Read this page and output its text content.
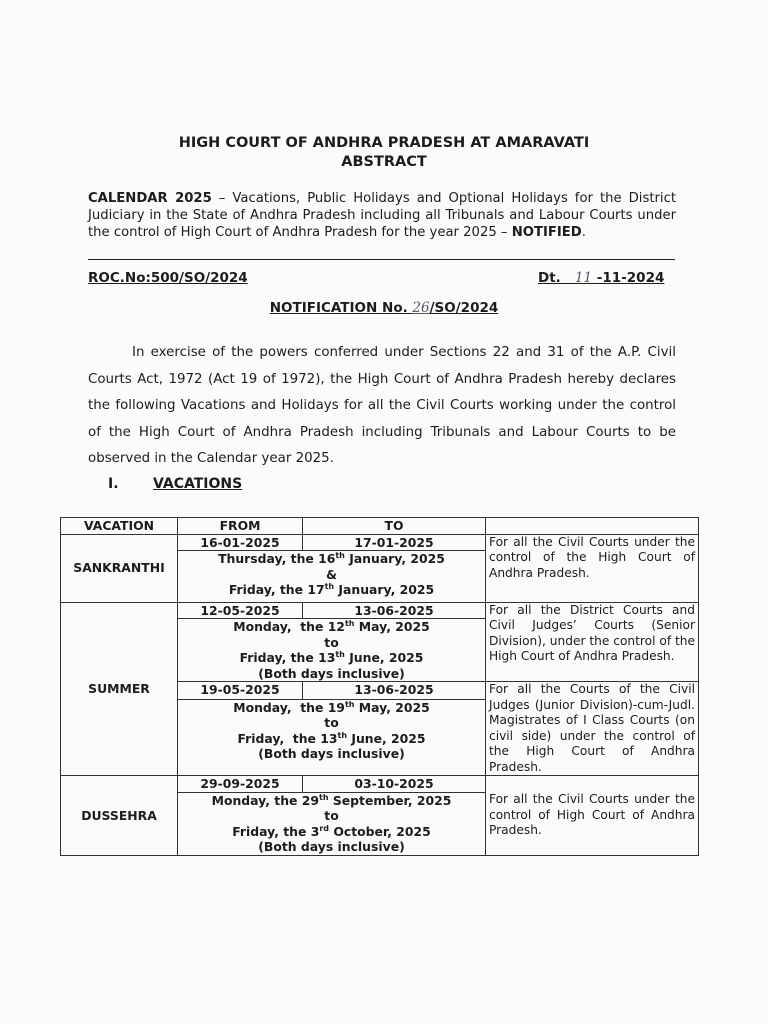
HIGH COURT OF ANDHRA PRADESH AT AMARAVATI
ABSTRACT
CALENDAR 2025 – Vacations, Public Holidays and Optional Holidays for the District Judiciary in the State of Andhra Pradesh including all Tribunals and Labour Courts under the control of High Court of Andhra Pradesh for the year 2025 – NOTIFIED.
ROC.No:500/SO/2024	Dt. 11 -11-2024
NOTIFICATION No. 26/SO/2024
In exercise of the powers conferred under Sections 22 and 31 of the A.P. Civil Courts Act, 1972 (Act 19 of 1972), the High Court of Andhra Pradesh hereby declares the following Vacations and Holidays for all the Civil Courts working under the control of the High Court of Andhra Pradesh including Tribunals and Labour Courts to be observed in the Calendar year 2025.
I. VACATIONS
VACATION	FROM	TO	
SANKRANTHI	16-01-2025	17-01-2025	For all the Civil Courts under the control of the High Court of Andhra Pradesh.

	Thursday, the 16th January, 2025
&
Friday, the 17th January, 2025		

SUMMER	12-05-2025	13-06-2025	For all the District Courts and Civil Judges’ Courts (Senior Division), under the control of the High Court of Andhra Pradesh.

	Monday,  the 12th May, 2025
to
Friday, the 13th June, 2025
(Both days inclusive)		

	19-05-2025	13-06-2025	For all the Courts of the Civil Judges (Junior Division)-cum-Judl. Magistrates of I Class Courts (on civil side) under the control of the High Court of Andhra Pradesh.

	Monday,  the 19th May, 2025
to
Friday,  the 13th June, 2025
(Both days inclusive)		

DUSSEHRA	29-09-2025	03-10-2025	For all the Civil Courts under the control of High Court of Andhra Pradesh.

	Monday, the 29th September, 2025
to
Friday, the 3rd October, 2025
(Both days inclusive)		
